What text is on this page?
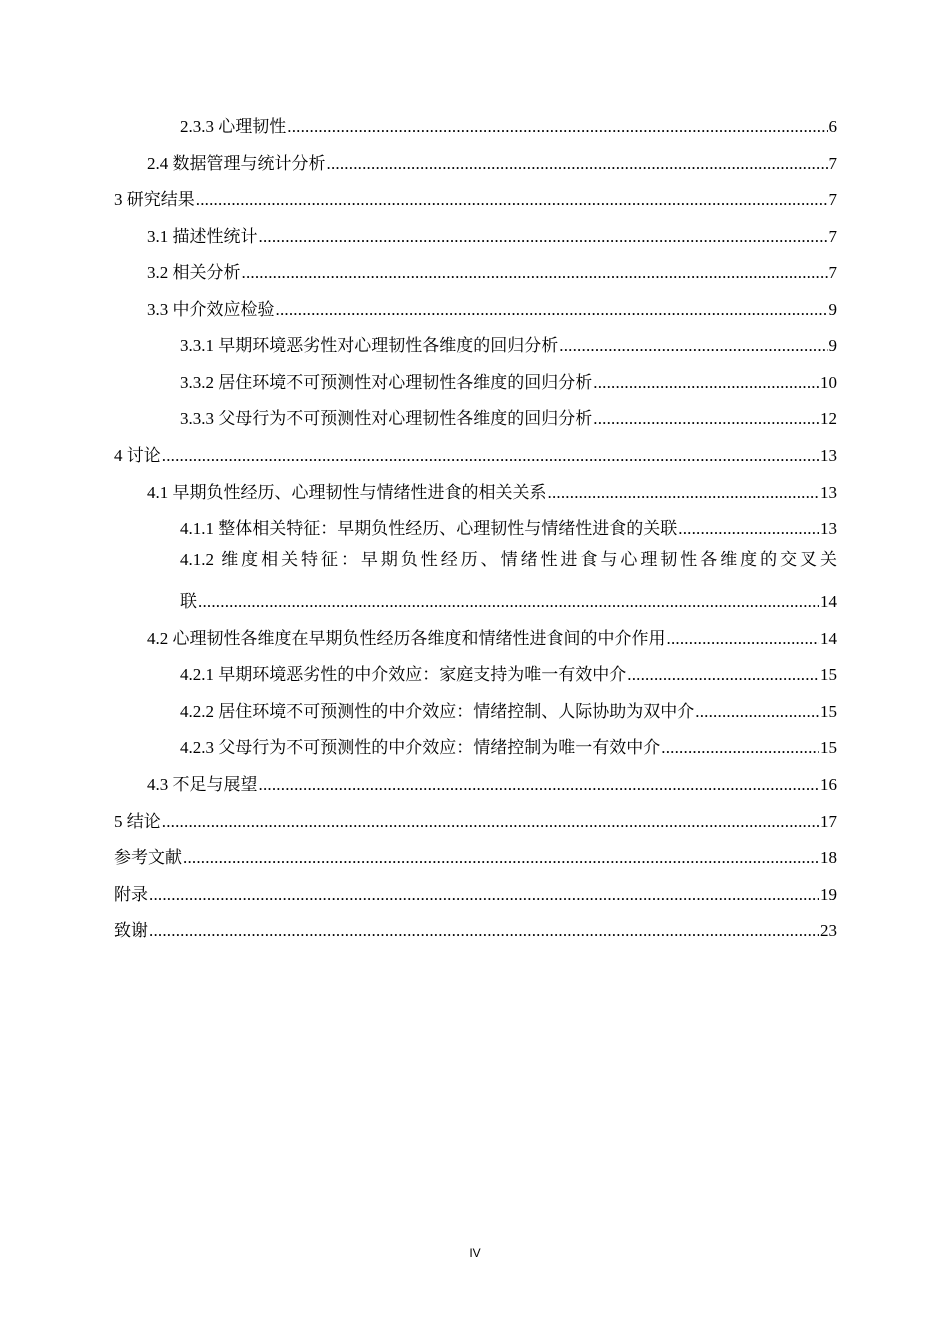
2.3.3 心理韧性 .....	6
2.4 数据管理与统计分析 .....	7
3 研究结果 .....	7
3.1 描述性统计 .....	7
3.2 相关分析 .....	7
3.3 中介效应检验 .....	9
3.3.1 早期环境恶劣性对心理韧性各维度的回归分析 .....	9
3.3.2 居住环境不可预测性对心理韧性各维度的回归分析 .....	10
3.3.3 父母行为不可预测性对心理韧性各维度的回归分析 .....	12
4 讨论 .....	13
4.1 早期负性经历、心理韧性与情绪性进食的相关关系 .....	13
4.1.1 整体相关特征：早期负性经历、心理韧性与情绪性进食的关联 .....	13
4.1.2 维度相关特征：早期负性经历、情绪性进食与心理韧性各维度的交叉关
联 .....	14
4.2 心理韧性各维度在早期负性经历各维度和情绪性进食间的中介作用 .....	14
4.2.1 早期环境恶劣性的中介效应：家庭支持为唯一有效中介 .....	15
4.2.2 居住环境不可预测性的中介效应：情绪控制、人际协助为双中介 .....	15
4.2.3 父母行为不可预测性的中介效应：情绪控制为唯一有效中介 .....	15
4.3 不足与展望 .....	16
5 结论 .....	17
参考文献 .....	18
附录 .....	19
致谢 .....	23
IV
